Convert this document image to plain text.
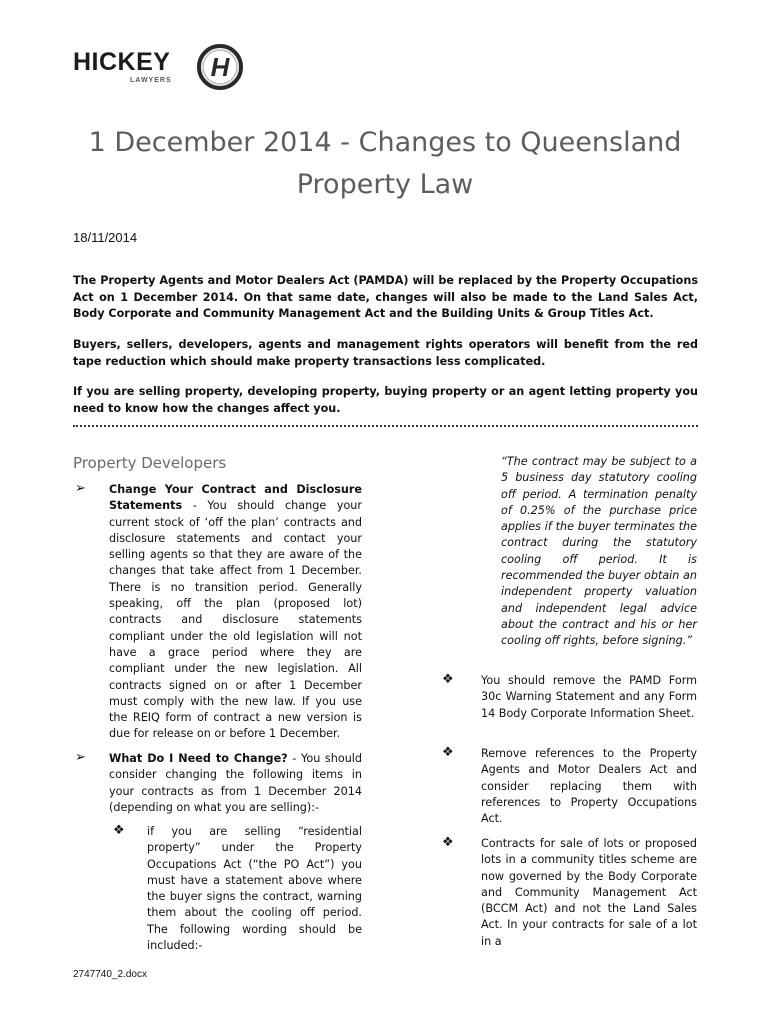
HICKEY
LAWYERS H
1 December 2014 - Changes to Queensland
Property Law
18/11/2014
The Property Agents and Motor Dealers Act (PAMDA) will be replaced by the Property Occupations Act on 1 December 2014. On that same date, changes will also be made to the Land Sales Act, Body Corporate and Community Management Act and the Building Units & Group Titles Act.
Buyers, sellers, developers, agents and management rights operators will benefit from the red tape reduction which should make property transactions less complicated.
If you are selling property, developing property, buying property or an agent letting property you need to know how the changes affect you.
Property Developers
➢ Change Your Contract and Disclosure Statements - You should change your current stock of ‘off the plan’ contracts and disclosure statements and contact your selling agents so that they are aware of the changes that take affect from 1 December. There is no transition period. Generally speaking, off the plan (proposed lot) contracts and disclosure statements compliant under the old legislation will not have a grace period where they are compliant under the new legislation. All contracts signed on or after 1 December must comply with the new law. If you use the REIQ form of contract a new version is due for release on or before 1 December.
➢ What Do I Need to Change? - You should consider changing the following items in your contracts as from 1 December 2014 (depending on what you are selling):-
❖ if you are selling “residential property” under the Property Occupations Act (“the PO Act”) you must have a statement above where the buyer signs the contract, warning them about the cooling off period. The following wording should be included:-
“The contract may be subject to a 5 business day statutory cooling off period. A termination penalty of 0.25% of the purchase price applies if the buyer terminates the contract during the statutory cooling off period. It is recommended the buyer obtain an independent property valuation and independent legal advice about the contract and his or her cooling off rights, before signing.”
❖ You should remove the PAMD Form 30c Warning Statement and any Form 14 Body Corporate Information Sheet.
❖ Remove references to the Property Agents and Motor Dealers Act and consider replacing them with references to Property Occupations Act.
❖ Contracts for sale of lots or proposed lots in a community titles scheme are now governed by the Body Corporate and Community Management Act (BCCM Act) and not the Land Sales Act. In your contracts for sale of a lot in a
2747740_2.docx
